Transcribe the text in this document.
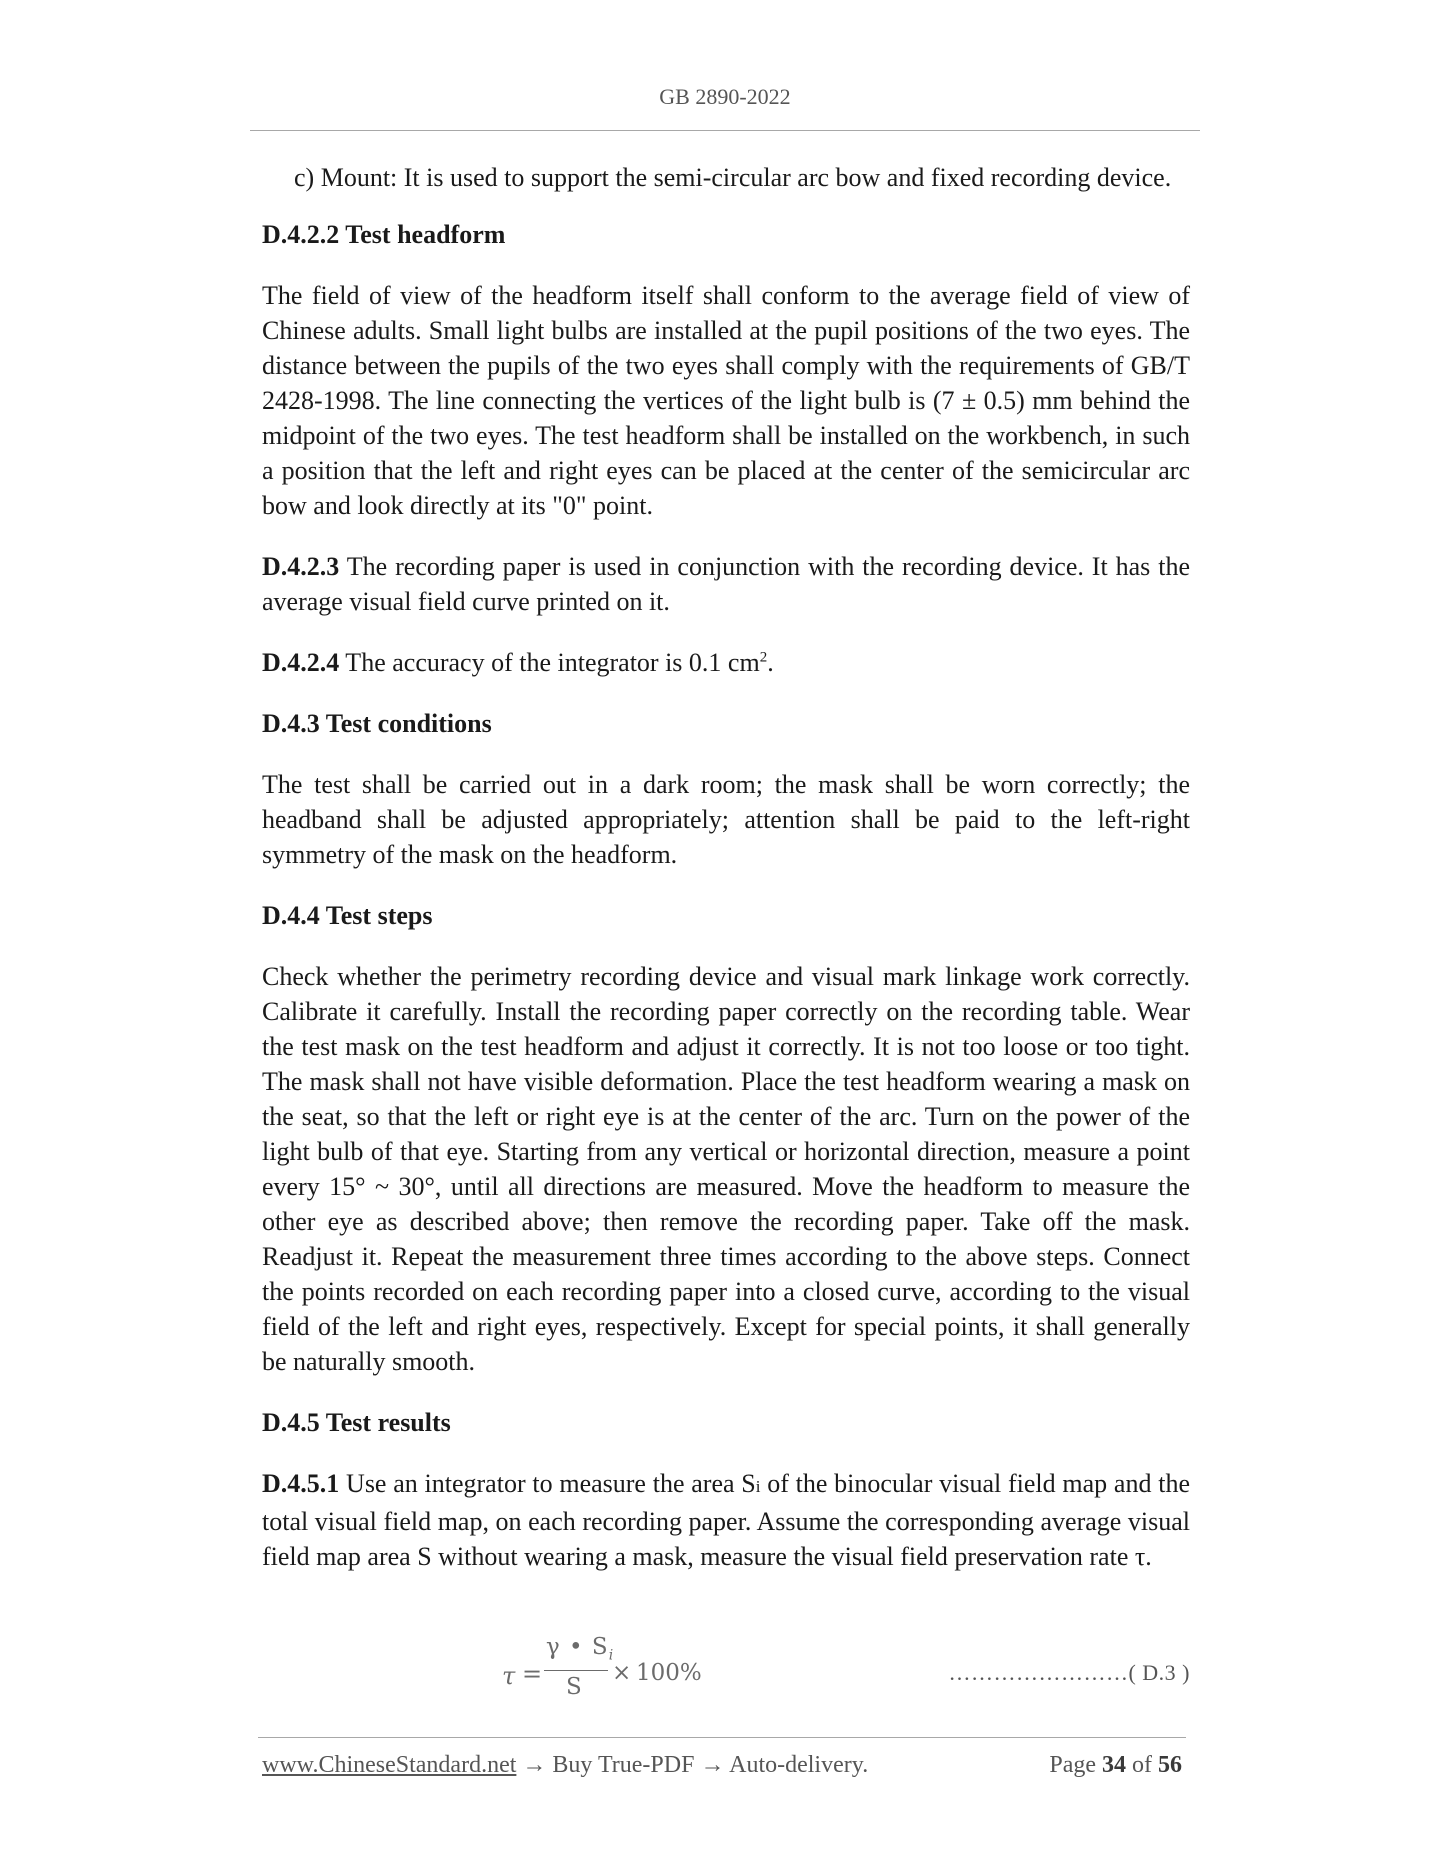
GB 2890-2022

c) Mount: It is used to support the semi-circular arc bow and fixed recording device.

D.4.2.2 Test headform

The field of view of the headform itself shall conform to the average field of view of Chinese adults. Small light bulbs are installed at the pupil positions of the two eyes. The distance between the pupils of the two eyes shall comply with the requirements of GB/T 2428-1998. The line connecting the vertices of the light bulb is (7 ± 0.5) mm behind the midpoint of the two eyes. The test headform shall be installed on the workbench, in such a position that the left and right eyes can be placed at the center of the semicircular arc bow and look directly at its "0" point.

D.4.2.3 The recording paper is used in conjunction with the recording device. It has the average visual field curve printed on it.

D.4.2.4 The accuracy of the integrator is 0.1 $cm^2$.

D.4.3 Test conditions

The test shall be carried out in a dark room; the mask shall be worn correctly; the headband shall be adjusted appropriately; attention shall be paid to the left-right symmetry of the mask on the headform.

D.4.4 Test steps

Check whether the perimetry recording device and visual mark linkage work correctly. Calibrate it carefully. Install the recording paper correctly on the recording table. Wear the test mask on the test headform and adjust it correctly. It is not too loose or too tight. The mask shall not have visible deformation. Place the test headform wearing a mask on the seat, so that the left or right eye is at the center of the arc. Turn on the power of the light bulb of that eye. Starting from any vertical or horizontal direction, measure a point every 15° ~ 30°, until all directions are measured. Move the headform to measure the other eye as described above; then remove the recording paper. Take off the mask. Readjust it. Repeat the measurement three times according to the above steps. Connect the points recorded on each recording paper into a closed curve, according to the visual field of the left and right eyes, respectively. Except for special points, it shall generally be naturally smooth.

D.4.5 Test results

D.4.5.1 Use an integrator to measure the area Si of the binocular visual field map and the total visual field map, on each recording paper. Assume the corresponding average visual field map area S without wearing a mask, measure the visual field preservation rate τ.

τ =
γ • $S_i$
S
× 100%	……………………( D.3 )
www.ChineseStandard.net → Buy True-PDF → Auto-delivery.	Page 34 of 56
